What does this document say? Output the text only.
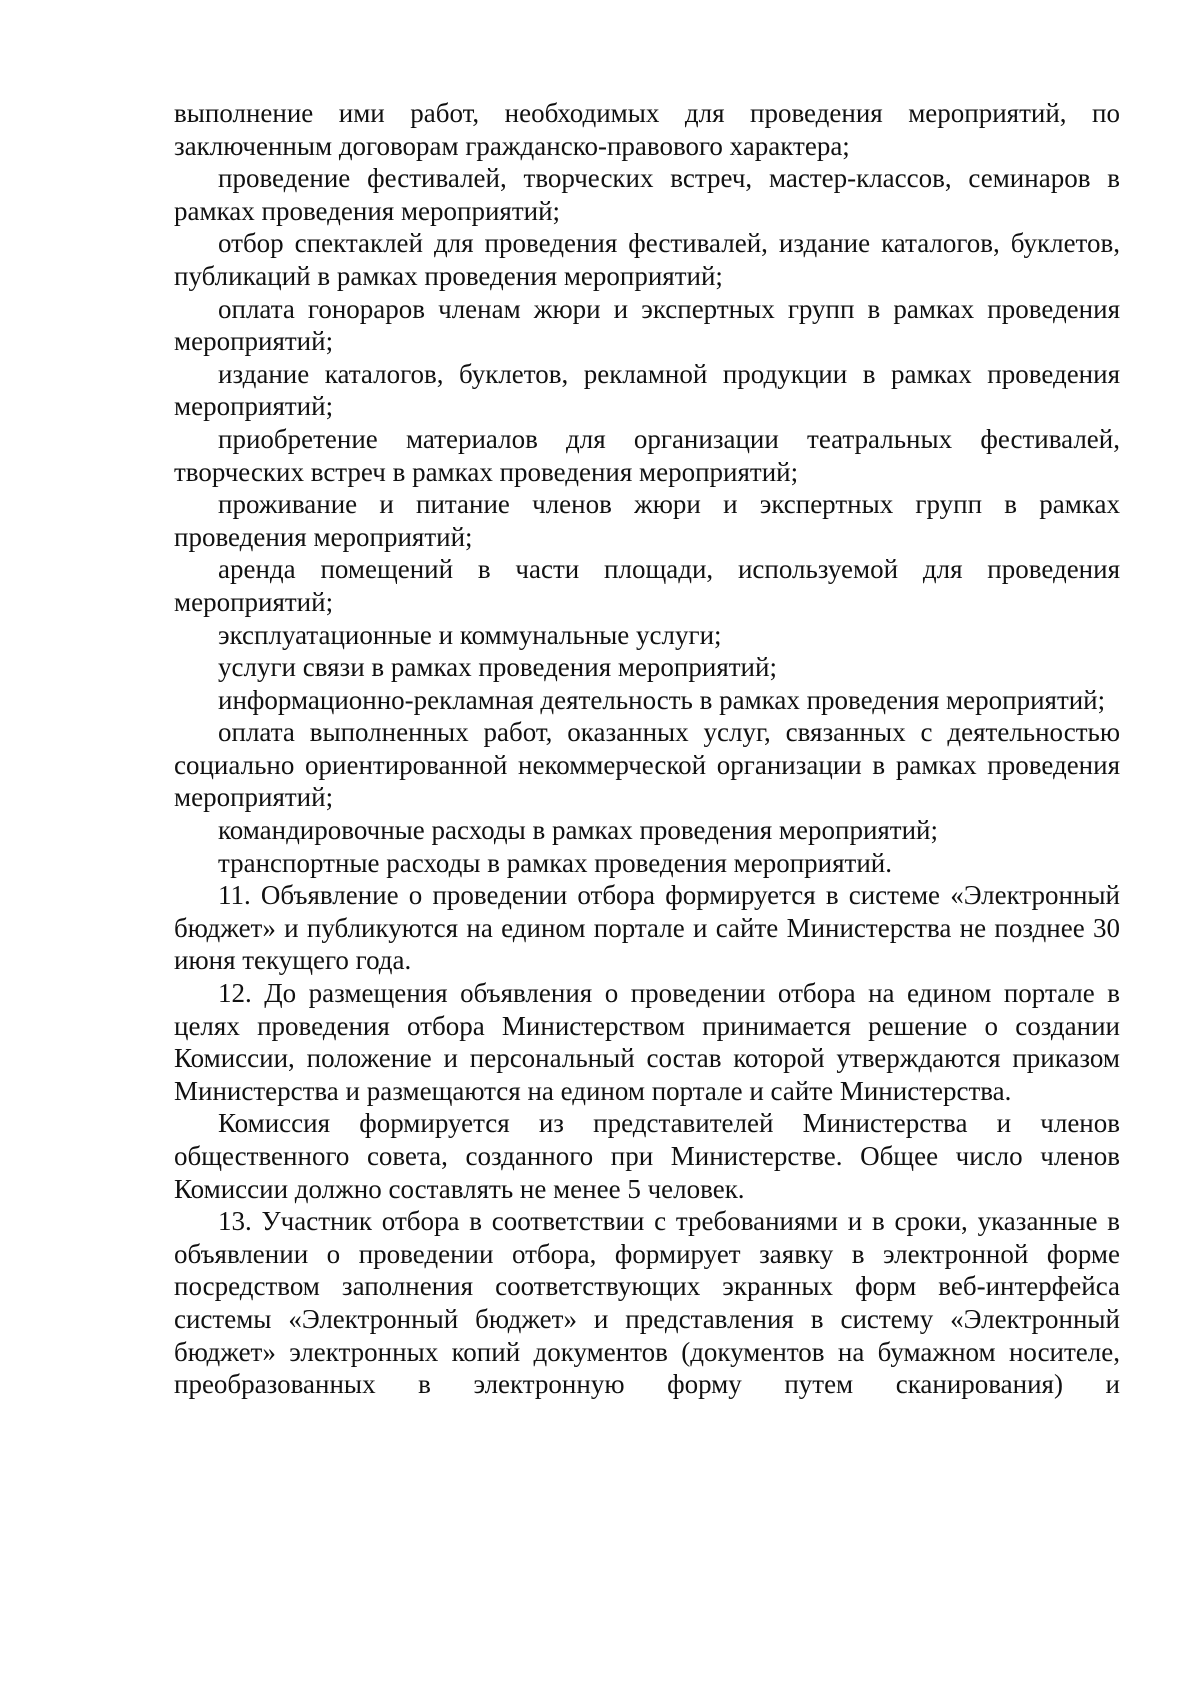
выполнение ими работ, необходимых для проведения мероприятий, по заключенным договорам гражданско-правового характера;

проведение фестивалей, творческих встреч, мастер-классов, семинаров в рамках проведения мероприятий;

отбор спектаклей для проведения фестивалей, издание каталогов, буклетов, публикаций в рамках проведения мероприятий;

оплата гонораров членам жюри и экспертных групп в рамках проведения мероприятий;

издание каталогов, буклетов, рекламной продукции в рамках проведения мероприятий;

приобретение материалов для организации театральных фестивалей, творческих встреч в рамках проведения мероприятий;

проживание и питание членов жюри и экспертных групп в рамках проведения мероприятий;

аренда помещений в части площади, используемой для проведения мероприятий;

эксплуатационные и коммунальные услуги;

услуги связи в рамках проведения мероприятий;

информационно-рекламная деятельность в рамках проведения мероприятий;

оплата выполненных работ, оказанных услуг, связанных с деятельностью социально ориентированной некоммерческой организации в рамках проведения мероприятий;

командировочные расходы в рамках проведения мероприятий;

транспортные расходы в рамках проведения мероприятий.

11. Объявление о проведении отбора формируется в системе «Электронный бюджет» и публикуются на едином портале и сайте Министерства не позднее 30 июня текущего года.

12. До размещения объявления о проведении отбора на едином портале в целях проведения отбора Министерством принимается решение о создании Комиссии, положение и персональный состав которой утверждаются приказом Министерства и размещаются на едином портале и сайте Министерства.

Комиссия формируется из представителей Министерства и членов общественного совета, созданного при Министерстве. Общее число членов Комиссии должно составлять не менее 5 человек.

13. Участник отбора в соответствии с требованиями и в сроки, указанные в объявлении о проведении отбора, формирует заявку в электронной форме посредством заполнения соответствующих экранных форм веб-интерфейса системы «Электронный бюджет» и представления в систему «Электронный бюджет» электронных копий документов (документов на бумажном носителе, преобразованных в электронную форму путем сканирования) и
